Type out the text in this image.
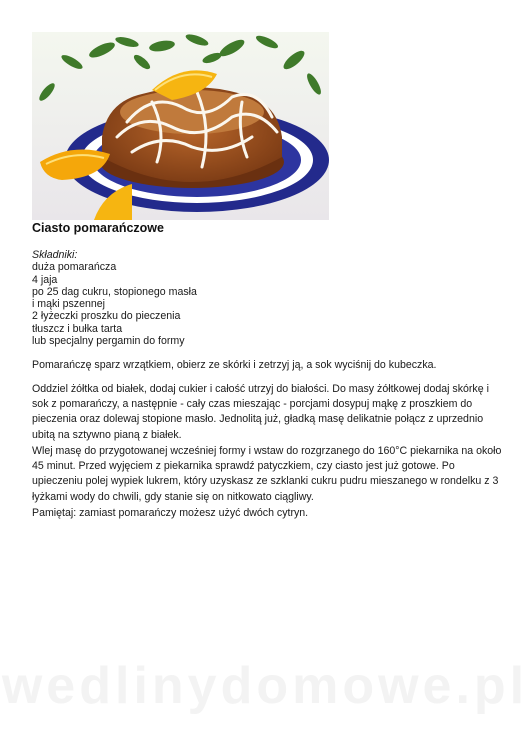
Ciasto pomarańczowe
Składniki:
duża pomarańcza
4 jaja
po 25 dag cukru, stopionego masła
i mąki pszennej
2 łyżeczki proszku do pieczenia
tłuszcz i bułka tarta
lub specjalny pergamin do formy

Pomarańczę sparz wrzątkiem, obierz ze skórki i zetrzyj ją, a sok wyciśnij do kubeczka.

Oddziel żółtka od białek, dodaj cukier i całość utrzyj do białości. Do masy żółtkowej dodaj skórkę i sok z pomarańczy, a następnie - cały czas mieszając - porcjami dosypuj mąkę z proszkiem do pieczenia oraz dolewaj stopione masło. Jednolitą już, gładką masę delikatnie połącz z uprzednio ubitą na sztywno pianą z białek.

Wlej masę do przygotowanej wcześniej formy i wstaw do rozgrzanego do 160°C piekarnika na około 45 minut. Przed wyjęciem z piekarnika sprawdź patyczkiem, czy ciasto jest już gotowe. Po upieczeniu polej wypiek lukrem, który uzyskasz ze szklanki cukru pudru mieszanego w rondelku z 3 łyżkami wody do chwili, gdy stanie się on nitkowato ciągliwy.

Pamiętaj: zamiast pomarańczy możesz użyć dwóch cytryn.

wedlinydomowe.pl
